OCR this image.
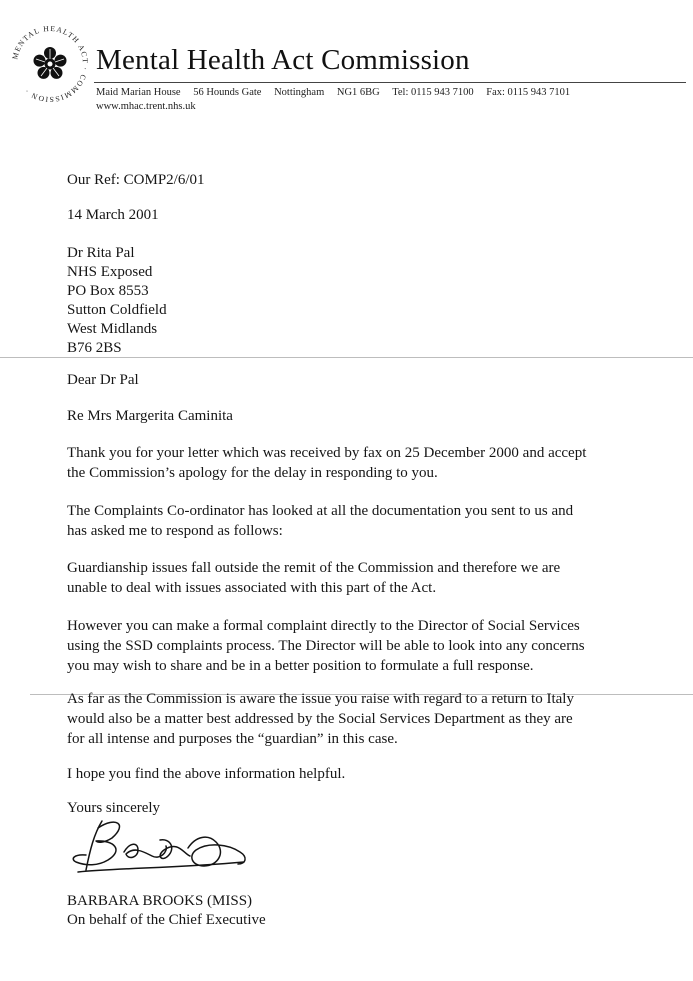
MENTAL HEALTH ACT · COMMISSION ·
Mental Health Act Commission
Maid Marian House 56 Hounds Gate Nottingham NG1 6BG Tel: 0115 943 7100 Fax: 0115 943 7101
www.mhac.trent.nhs.uk
Our Ref: COMP2/6/01
14 March 2001
Dr Rita Pal
NHS Exposed
PO Box 8553
Sutton Coldfield
West Midlands
B76 2BS
Dear Dr Pal
Re Mrs Margerita Caminita

Thank you for your letter which was received by fax on 25 December 2000 and accept
the Commission’s apology for the delay in responding to you.

The Complaints Co-ordinator has looked at all the documentation you sent to us and
has asked me to respond as follows:

Guardianship issues fall outside the remit of the Commission and therefore we are
unable to deal with issues associated with this part of the Act.

However you can make a formal complaint directly to the Director of Social Services
using the SSD complaints process. The Director will be able to look into any concerns
you may wish to share and be in a better position to formulate a full response.

As far as the Commission is aware the issue you raise with regard to a return to Italy
would also be a matter best addressed by the Social Services Department as they are
for all intense and purposes the “guardian” in this case.

I hope you find the above information helpful.

Yours sincerely
BARBARA BROOKS (MISS)
On behalf of the Chief Executive
